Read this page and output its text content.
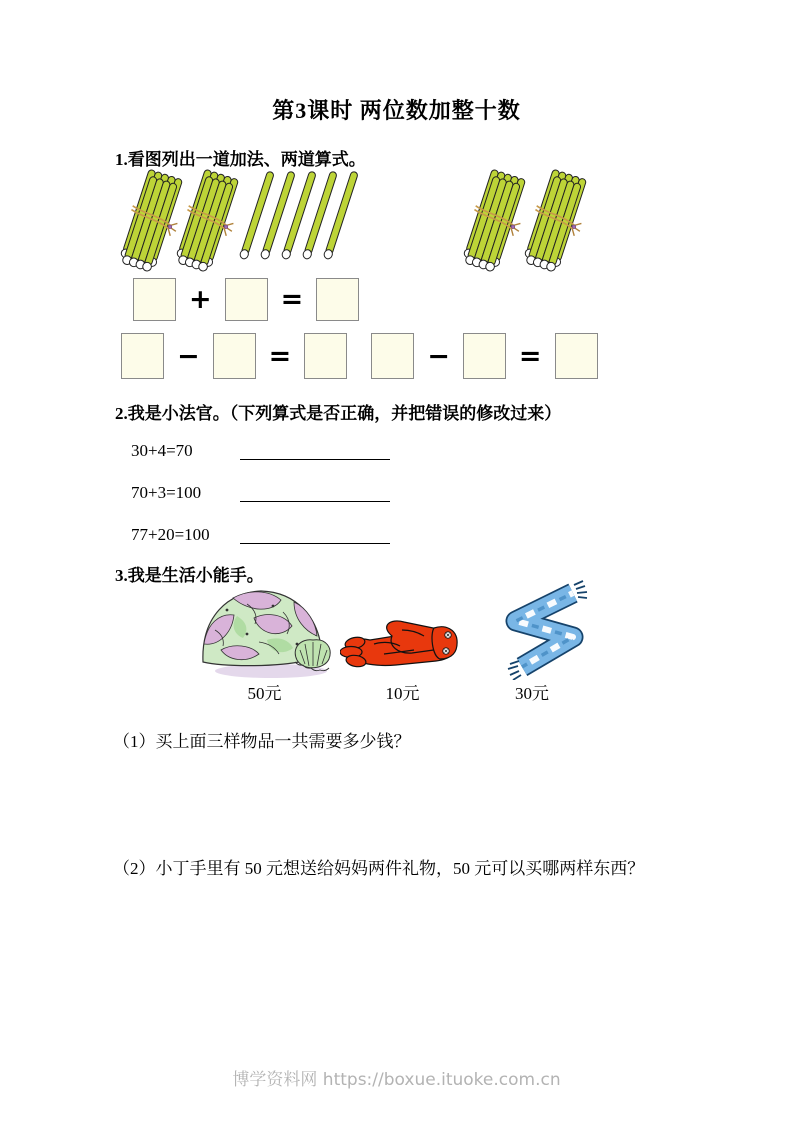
第3课时 两位数加整十数
1.看图列出一道加法、两道算式。
+	=
−	=	−	=
2.我是小法官。（下列算式是否正确，并把错误的修改过来）
30+4=70
70+3=100
77+20=100
3.我是生活小能手。
50元	10元	30元
（1）买上面三样物品一共需要多少钱？
（2）小丁手里有 50 元想送给妈妈两件礼物，50 元可以买哪两样东西？
博学资料网 https://boxue.ituoke.com.cn
